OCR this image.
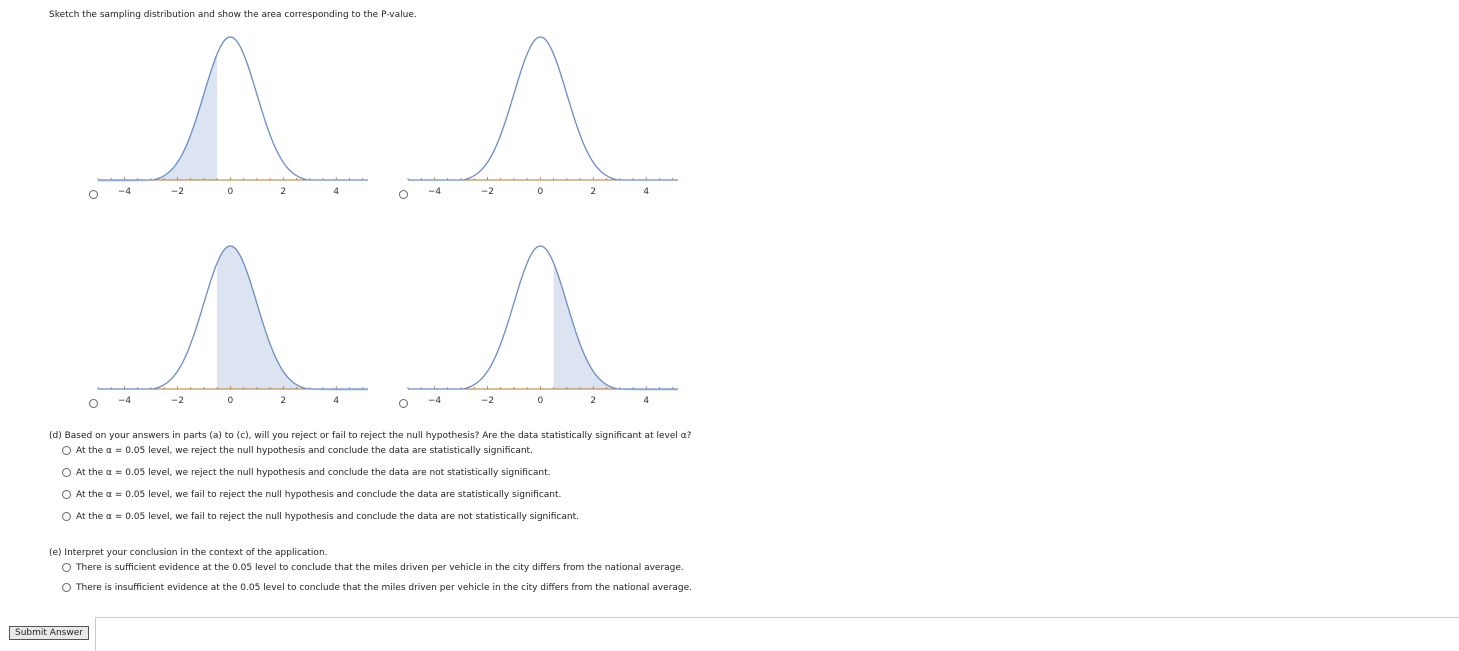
Sketch the sampling distribution and show the area corresponding to the P-value.
−4	−2	0	2	4	−4	−2	0	2	4
−4	−2	0	2	4	−4	−2	0	2	4
(d) Based on your answers in parts (a) to (c), will you reject or fail to reject the null hypothesis? Are the data statistically significant at level α?
At the α = 0.05 level, we reject the null hypothesis and conclude the data are statistically significant.
At the α = 0.05 level, we reject the null hypothesis and conclude the data are not statistically significant.
At the α = 0.05 level, we fail to reject the null hypothesis and conclude the data are statistically significant.
At the α = 0.05 level, we fail to reject the null hypothesis and conclude the data are not statistically significant.
(e) Interpret your conclusion in the context of the application.
There is sufficient evidence at the 0.05 level to conclude that the miles driven per vehicle in the city differs from the national average.
There is insufficient evidence at the 0.05 level to conclude that the miles driven per vehicle in the city differs from the national average.
Submit Answer
